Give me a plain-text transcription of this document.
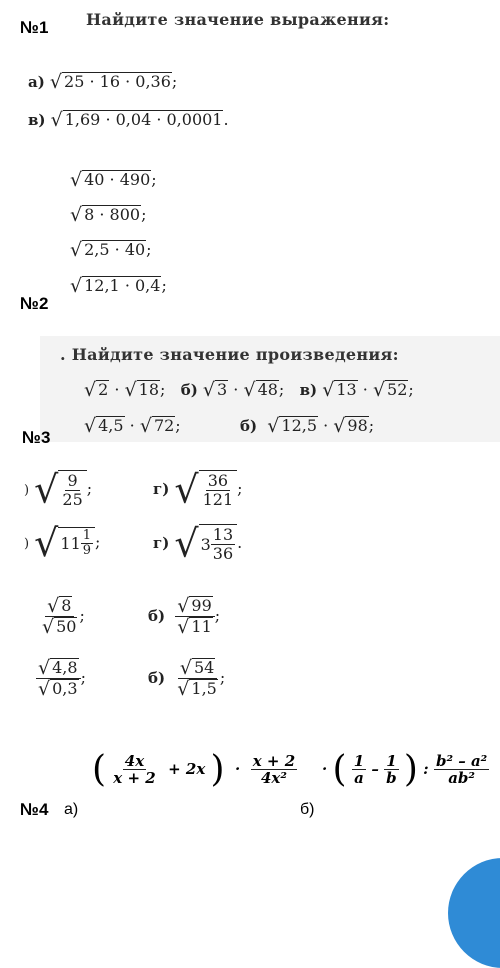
№1 Найдите значение выражения:
а) √ 25 · 16 · 0,36;
в) √ 1,69 · 0,04 · 0,0001.
√ 40 · 490;
√ 8 · 800;
√ 2,5 · 40;
√ 12,1 · 0,4;
№2
. Найдите значение произведения:
√ 2 · √ 18;   б) √ 3 · √ 48;   в) √ 13 · √ 52;
√ 4,5 · √ 72;	б) √ 12,5 · √ 98;
№3
) √ $\frac{9}{25}$ ;	г) √ $\frac{36}{121}$ ;
) √ $11 \frac{1}{9}$ ;	г) √ $3 \frac{13}{36}$ .
$\frac{√ 8}{√ 50}$ ;	$б) \frac{√ 99}{√ 11}$ ;
$\frac{√ 4,8}{√ 0,3}$ ;	$б) \frac{√ 54}{√ 1,5}$ ;
( $\frac{4x}{x + 2} + 2x$ ) · $\frac{x + 2}{\text{4x²}}$ · ( $\frac{1}{a} - \frac{1}{b}$ ) : $\frac{\text{b² – a²}}{\text{ab²}}$
№4 а)	б)
